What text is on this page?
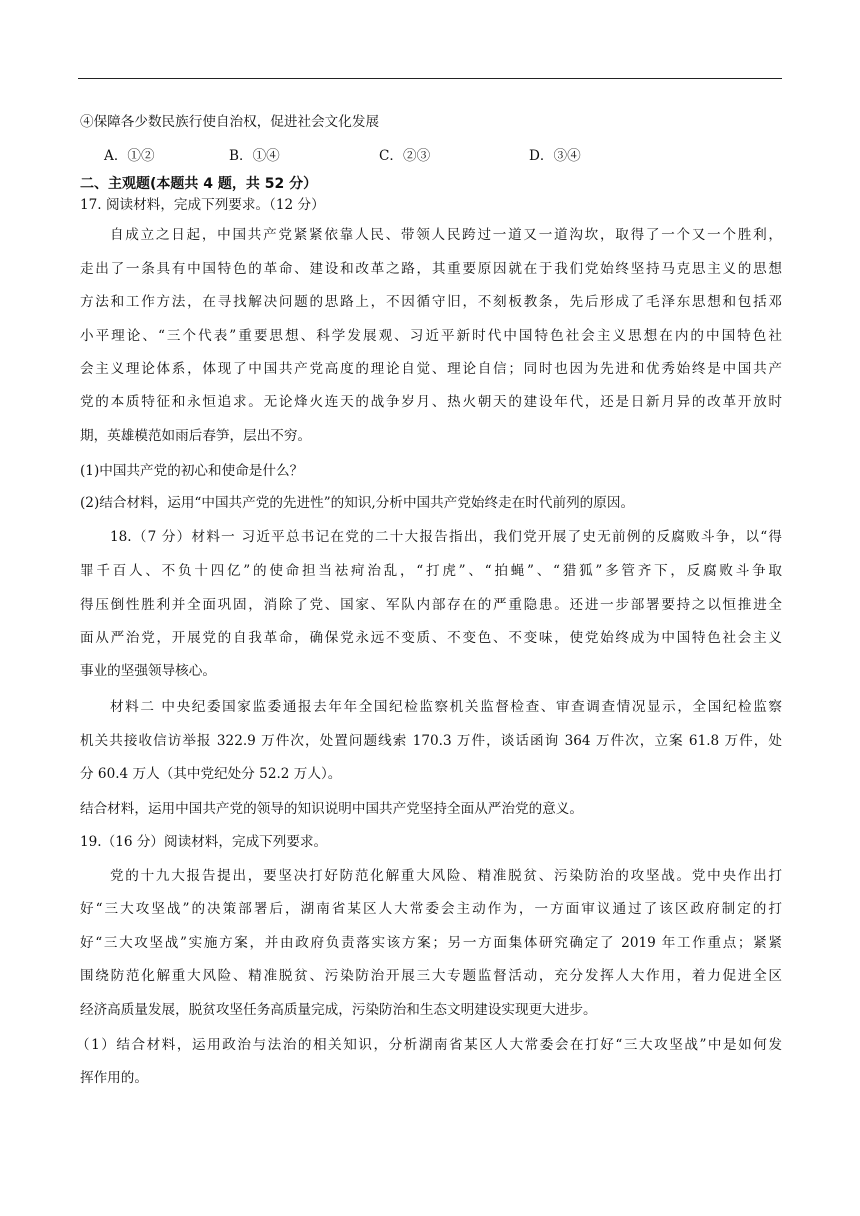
④保障各少数民族行使自治权，促进社会文化发展
A．①②	B．①④	C．②③	D．③④
二、主观题(本题共 4 题，共 52 分）
17. 阅读材料，完成下列要求。（12 分）
自成立之日起，中国共产党紧紧依靠人民、带领人民跨过一道又一道沟坎，取得了一个又一个胜利，
走出了一条具有中国特色的革命、建设和改革之路，其重要原因就在于我们党始终坚持马克思主义的思想
方法和工作方法，在寻找解决问题的思路上，不因循守旧，不刻板教条，先后形成了毛泽东思想和包括邓
小平理论、“三个代表”重要思想、科学发展观、习近平新时代中国特色社会主义思想在内的中国特色社
会主义理论体系，体现了中国共产党高度的理论自觉、理论自信；同时也因为先进和优秀始终是中国共产
党的本质特征和永恒追求。无论烽火连天的战争岁月、热火朝天的建设年代，还是日新月异的改革开放时
期，英雄模范如雨后春笋，层出不穷。
(1)中国共产党的初心和使命是什么？
(2)结合材料，运用“中国共产党的先进性”的知识,分析中国共产党始终走在时代前列的原因。
18.（7 分）材料一 习近平总书记在党的二十大报告指出，我们党开展了史无前例的反腐败斗争，以“得
罪千百人、不负十四亿”的使命担当祛疴治乱，“打虎”、“拍蝇”、“猎狐”多管齐下，反腐败斗争取
得压倒性胜利并全面巩固，消除了党、国家、军队内部存在的严重隐患。还进一步部署要持之以恒推进全
面从严治党，开展党的自我革命，确保党永远不变质、不变色、不变味，使党始终成为中国特色社会主义
事业的坚强领导核心。
材料二 中央纪委国家监委通报去年年全国纪检监察机关监督检查、审查调查情况显示，全国纪检监察
机关共接收信访举报 322.9 万件次，处置问题线索 170.3 万件，谈话函询 364 万件次，立案 61.8 万件，处
分 60.4 万人（其中党纪处分 52.2 万人）。
结合材料，运用中国共产党的领导的知识说明中国共产党坚持全面从严治党的意义。
19.（16 分）阅读材料，完成下列要求。
党的十九大报告提出，要坚决打好防范化解重大风险、精准脱贫、污染防治的攻坚战。党中央作出打
好“三大攻坚战”的决策部署后，湖南省某区人大常委会主动作为，一方面审议通过了该区政府制定的打
好“三大攻坚战”实施方案，并由政府负责落实该方案；另一方面集体研究确定了 2019 年工作重点；紧紧
围绕防范化解重大风险、精准脱贫、污染防治开展三大专题监督活动，充分发挥人大作用，着力促进全区
经济高质量发展，脱贫攻坚任务高质量完成，污染防治和生态文明建设实现更大进步。
（1）结合材料，运用政治与法治的相关知识，分析湖南省某区人大常委会在打好“三大攻坚战”中是如何发
挥作用的。
